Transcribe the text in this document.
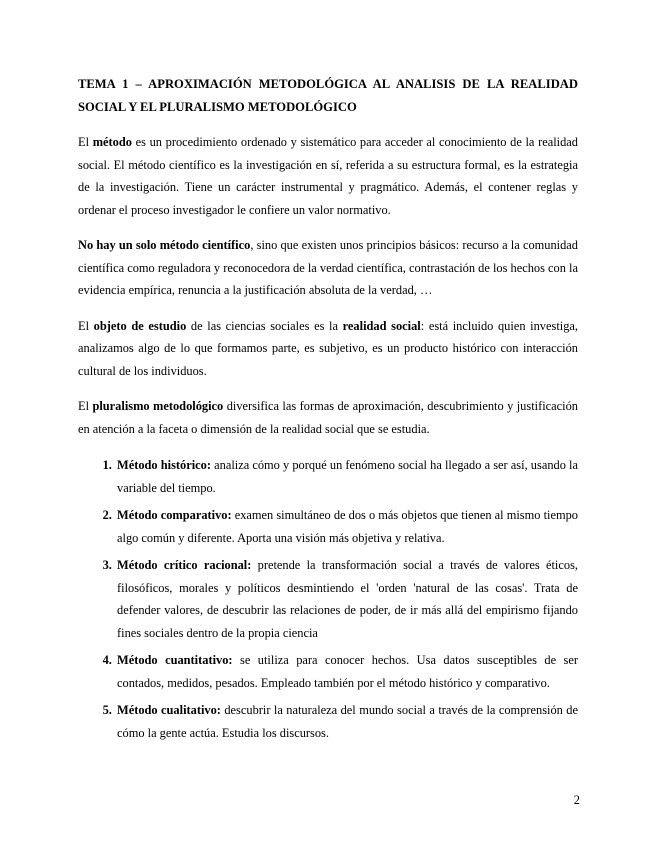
TEMA 1 – APROXIMACIÓN METODOLÓGICA AL ANALISIS DE LA REALIDAD SOCIAL Y EL PLURALISMO METODOLÓGICO

El método es un procedimiento ordenado y sistemático para acceder al conocimiento de la realidad social. El método científico es la investigación en sí, referida a su estructura formal, es la estrategia de la investigación. Tiene un carácter instrumental y pragmático. Además, el contener reglas y ordenar el proceso investigador le confiere un valor normativo.

No hay un solo método científico, sino que existen unos principios básicos: recurso a la comunidad científica como reguladora y reconocedora de la verdad científica, contrastación de los hechos con la evidencia empírica, renuncia a la justificación absoluta de la verdad, …

El objeto de estudio de las ciencias sociales es la realidad social: está incluido quien investiga, analizamos algo de lo que formamos parte, es subjetivo, es un producto histórico con interacción cultural de los individuos.

El pluralismo metodológico diversifica las formas de aproximación, descubrimiento y justificación en atención a la faceta o dimensión de la realidad social que se estudia.

1. Método histórico: analiza cómo y porqué un fenómeno social ha llegado a ser así, usando la variable del tiempo.
2. Método comparativo: examen simultáneo de dos o más objetos que tienen al mismo tiempo algo común y diferente. Aporta una visión más objetiva y relativa.
3. Método crítico racional: pretende la transformación social a través de valores éticos, filosóficos, morales y políticos desmintiendo el 'orden 'natural de las cosas'. Trata de defender valores, de descubrir las relaciones de poder, de ir más allá del empirismo fijando fines sociales dentro de la propia ciencia
4. Método cuantitativo: se utiliza para conocer hechos. Usa datos susceptibles de ser contados, medidos, pesados. Empleado también por el método histórico y comparativo.
5. Método cualitativo: descubrir la naturaleza del mundo social a través de la comprensión de cómo la gente actúa. Estudia los discursos.
2
